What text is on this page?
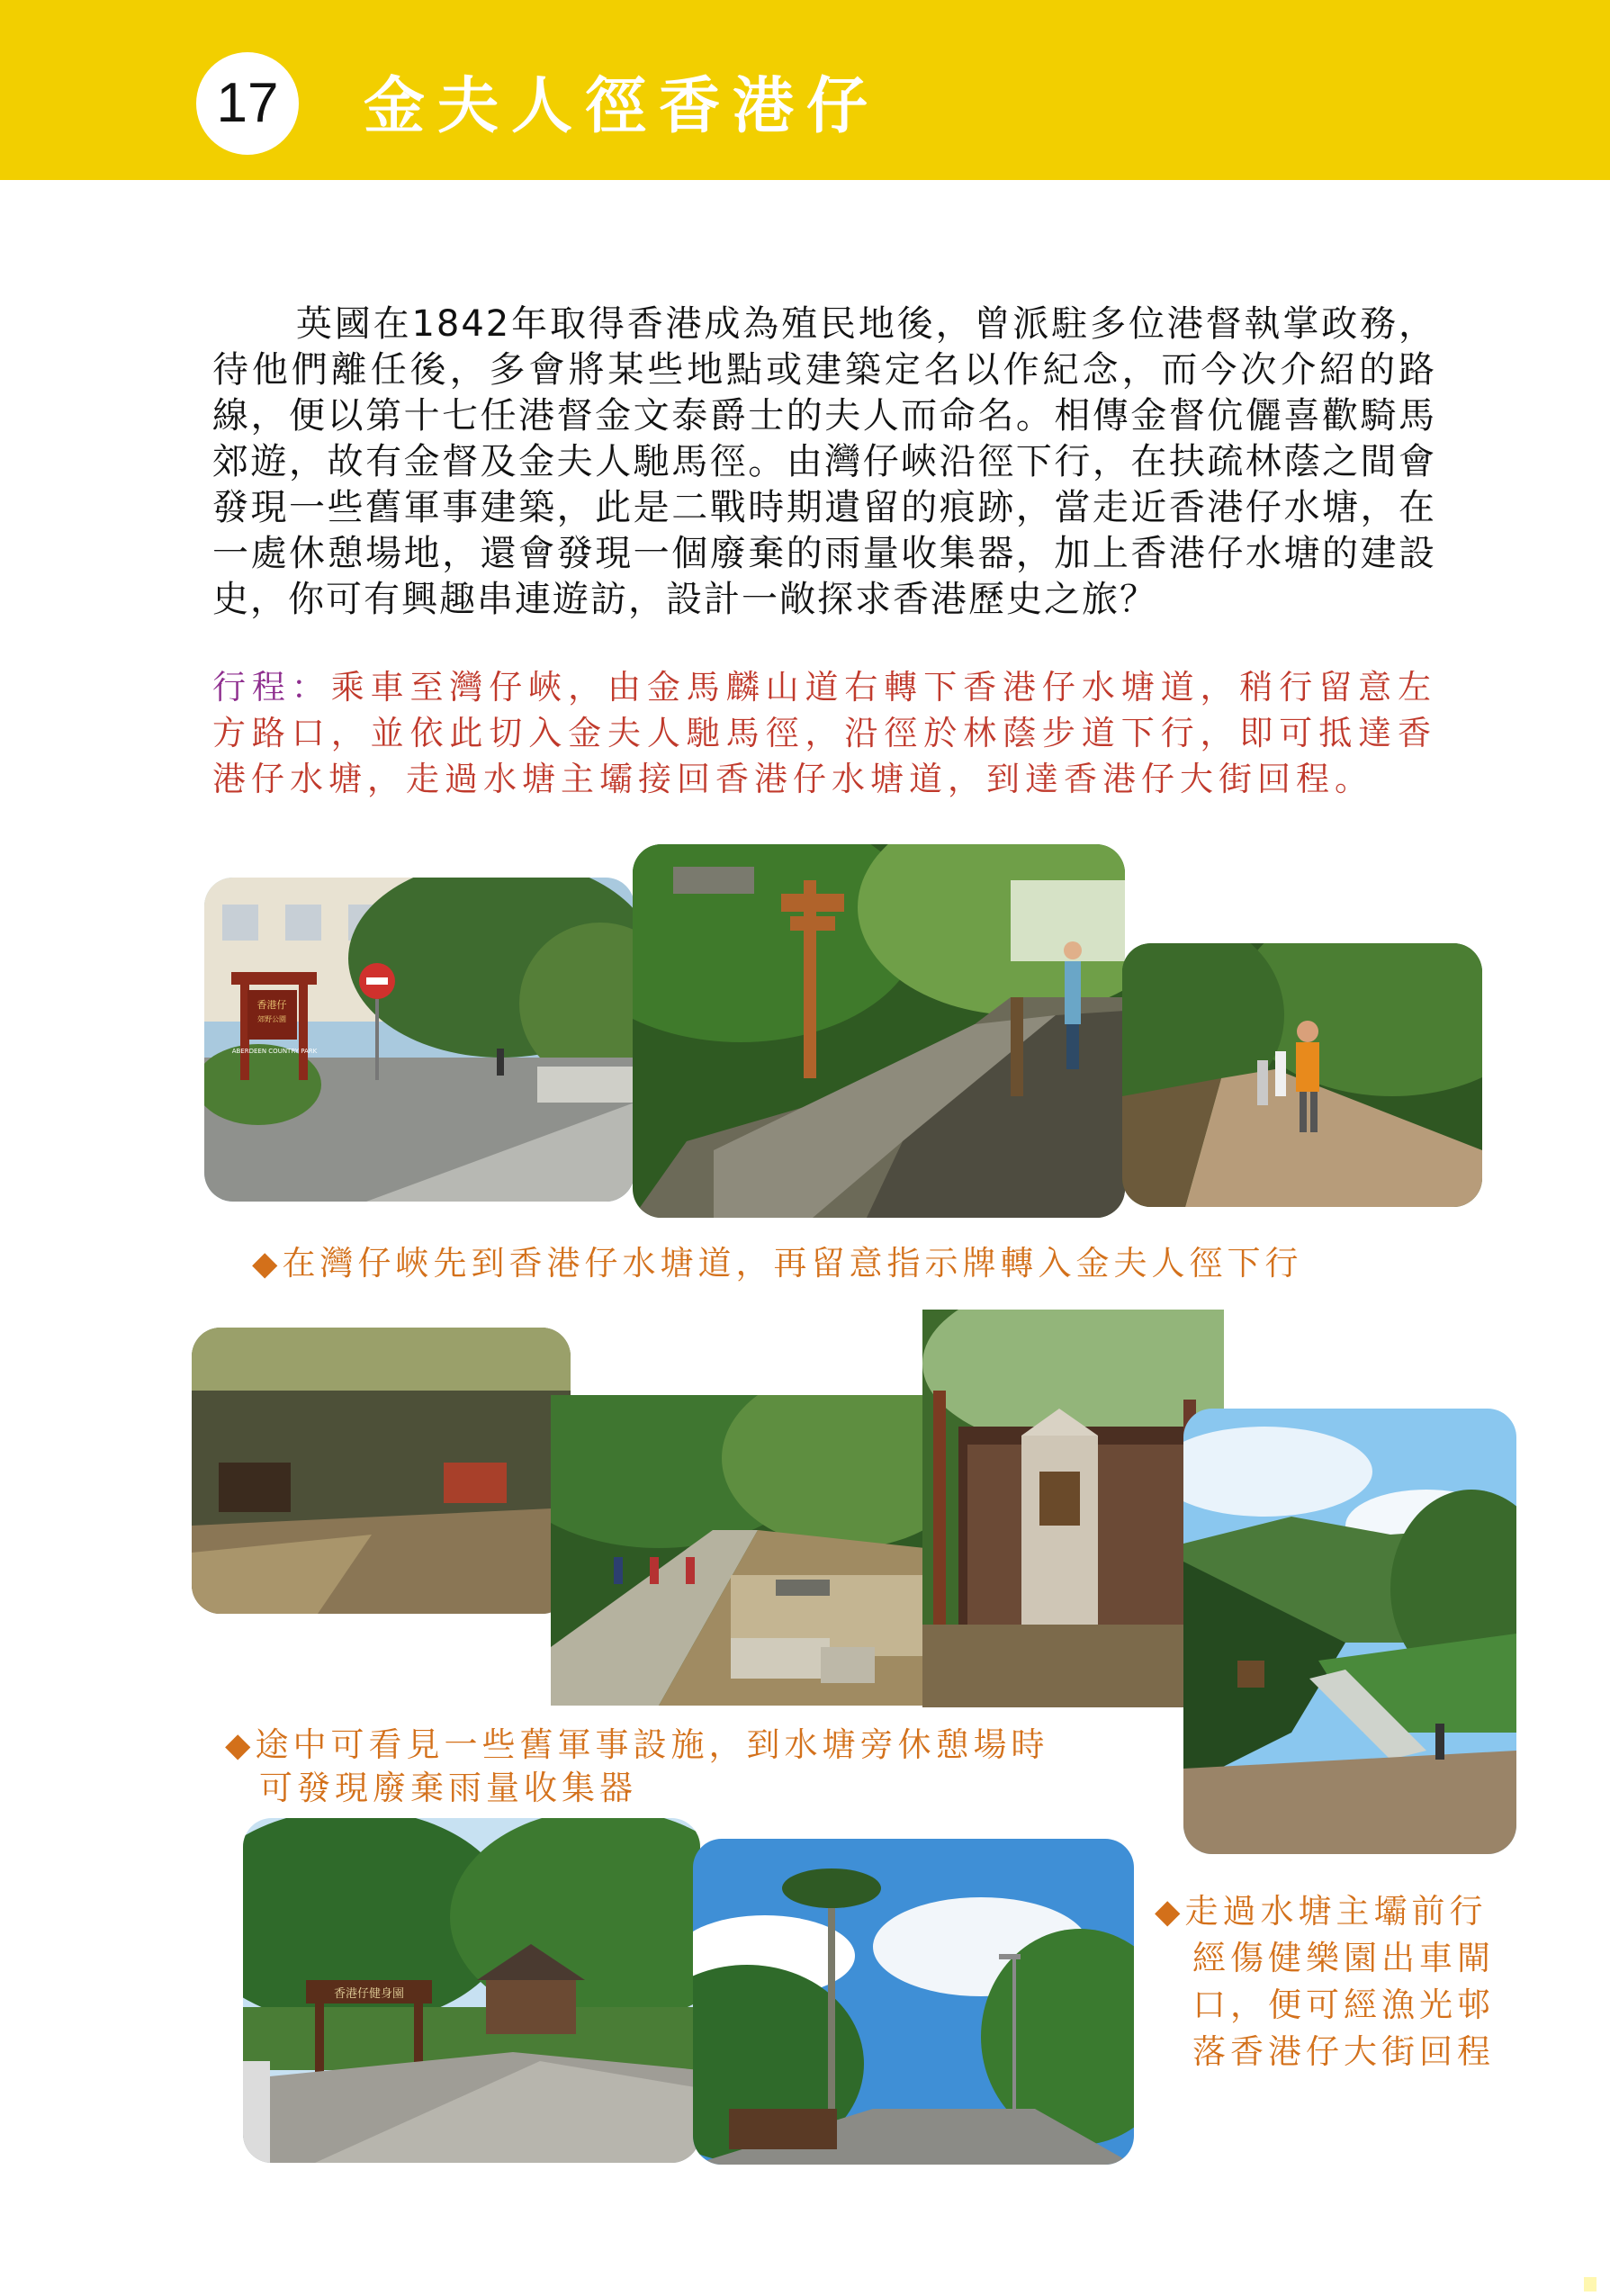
17	金夫人徑香港仔
英國在1842年取得香港成為殖民地後，曾派駐多位港督執掌政務，待他們離任後，多會將某些地點或建築定名以作紀念，而今次介紹的路線，便以第十七任港督金文泰爵士的夫人而命名。相傳金督伉儷喜歡騎馬郊遊，故有金督及金夫人馳馬徑。由灣仔峽沿徑下行，在扶疏林蔭之間會發現一些舊軍事建築，此是二戰時期遺留的痕跡，當走近香港仔水塘，在一處休憩場地，還會發現一個廢棄的雨量收集器，加上香港仔水塘的建設史，你可有興趣串連遊訪，設計一敞探求香港歷史之旅？
行程：乘車至灣仔峽，由金馬麟山道右轉下香港仔水塘道，稍行留意左方路口，並依此切入金夫人馳馬徑，沿徑於林蔭步道下行，即可抵達香港仔水塘，走過水塘主壩接回香港仔水塘道，到達香港仔大街回程。
香港仔
郊野公園
ABERDEEN COUNTRY PARK
◆在灣仔峽先到香港仔水塘道，再留意指示牌轉入金夫人徑下行
◆途中可看見一些舊軍事設施，到水塘旁休憩場時
可發現廢棄雨量收集器
香港仔健身園
◆走過水塘主壩前行
經傷健樂園出車閘
口，便可經漁光邨
落香港仔大街回程
